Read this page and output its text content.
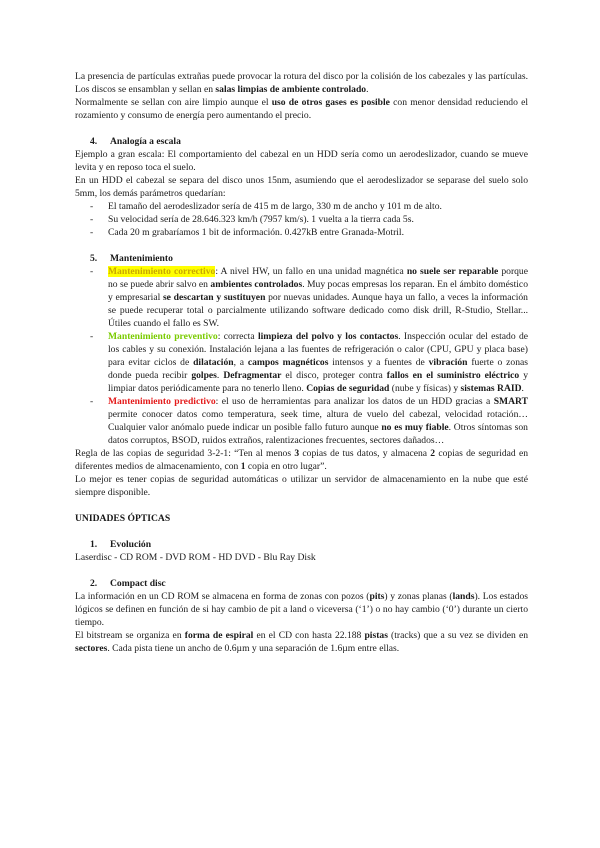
La presencia de partículas extrañas puede provocar la rotura del disco por la colisión de los cabezales y las partículas. Los discos se ensamblan y sellan en salas limpias de ambiente controlado.

Normalmente se sellan con aire limpio aunque el uso de otros gases es posible con menor densidad reduciendo el rozamiento y consumo de energía pero aumentando el precio.

4.	Analogía a escala

Ejemplo a gran escala: El comportamiento del cabezal en un HDD sería como un aerodeslizador, cuando se mueve levita y en reposo toca el suelo.

En un HDD el cabezal se separa del disco unos 15nm, asumiendo que el aerodeslizador se separase del suelo solo 5mm, los demás parámetros quedarían:

-	El tamaño del aerodeslizador sería de 415 m de largo, 330 m de ancho y 101 m de alto.
-	Su velocidad sería de 28.646.323 km/h (7957 km/s). 1 vuelta a la tierra cada 5s.
-	Cada 20 m grabaríamos 1 bit de información. 0.427kB entre Granada-Motril.
5.	Mantenimiento
-	Mantenimiento correctivo: A nivel HW, un fallo en una unidad magnética no suele ser reparable porque no se puede abrir salvo en ambientes controlados. Muy pocas empresas los reparan. En el ámbito doméstico y empresarial se descartan y sustituyen por nuevas unidades. Aunque haya un fallo, a veces la información se puede recuperar total o parcialmente utilizando software dedicado como disk drill, R-Studio, Stellar... Útiles cuando el fallo es SW.
-	Mantenimiento preventivo: correcta limpieza del polvo y los contactos. Inspección ocular del estado de los cables y su conexión. Instalación lejana a las fuentes de refrigeración o calor (CPU, GPU y placa base) para evitar ciclos de dilatación, a campos magnéticos intensos y a fuentes de vibración fuerte o zonas donde pueda recibir golpes. Defragmentar el disco, proteger contra fallos en el suministro eléctrico y limpiar datos periódicamente para no tenerlo lleno. Copias de seguridad (nube y físicas) y sistemas RAID.
-	Mantenimiento predictivo: el uso de herramientas para analizar los datos de un HDD gracias a SMART permite conocer datos como temperatura, seek time, altura de vuelo del cabezal, velocidad rotación… Cualquier valor anómalo puede indicar un posible fallo futuro aunque no es muy fiable. Otros síntomas son datos corruptos, BSOD, ruidos extraños, ralentizaciones frecuentes, sectores dañados…

Regla de las copias de seguridad 3-2-1: “Ten al menos 3 copias de tus datos, y almacena 2 copias de seguridad en diferentes medios de almacenamiento, con 1 copia en otro lugar”.

Lo mejor es tener copias de seguridad automáticas o utilizar un servidor de almacenamiento en la nube que esté siempre disponible.

UNIDADES ÓPTICAS
1.	Evolución

Laserdisc - CD ROM - DVD ROM - HD DVD - Blu Ray Disk

2.	Compact disc

La información en un CD ROM se almacena en forma de zonas con pozos (pits) y zonas planas (lands). Los estados lógicos se definen en función de si hay cambio de pit a land o viceversa (‘1’) o no hay cambio (‘0’) durante un cierto tiempo.

El bitstream se organiza en forma de espiral en el CD con hasta 22.188 pistas (tracks) que a su vez se dividen en sectores. Cada pista tiene un ancho de 0.6µm y una separación de 1.6µm entre ellas.
